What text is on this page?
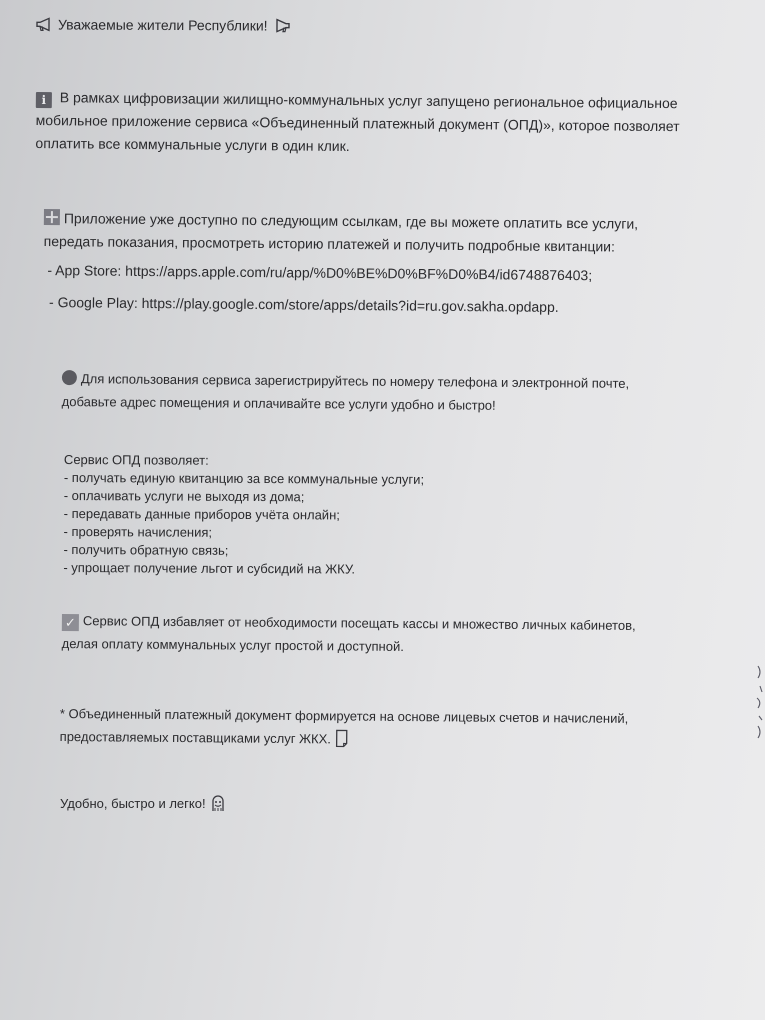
Уважаемые жители Республики!

i В рамках цифровизации жилищно-коммунальных услуг запущено региональное официальное
мобильное приложение сервиса «Объединенный платежный документ (ОПД)», которое позволяет
оплатить все коммунальные услуги в один клик.
Приложение уже доступно по следующим ссылкам, где вы можете оплатить все услуги,
передать показания, просмотреть историю платежей и получить подробные квитанции:
- App Store: https://apps.apple.com/ru/app/%D0%BE%D0%BF%D0%B4/id6748876403;
- Google Play: https://play.google.com/store/apps/details?id=ru.gov.sakha.opdapp.
Для использования сервиса зарегистрируйтесь по номеру телефона и электронной почте,
добавьте адрес помещения и оплачивайте все услуги удобно и быстро!
Сервис ОПД позволяет:
- получать единую квитанцию за все коммунальные услуги;
- оплачивать услуги не выходя из дома;
- передавать данные приборов учёта онлайн;
- проверять начисления;
- получить обратную связь;
- упрощает получение льгот и субсидий на ЖКУ.
✓ Сервис ОПД избавляет от необходимости посещать кассы и множество личных кабинетов,
делая оплату коммунальных услуг простой и доступной.
* Объединенный платежный документ формируется на основе лицевых счетов и начислений,
предоставляемых поставщиками услуг ЖКХ.

Удобно, быстро и легко!
